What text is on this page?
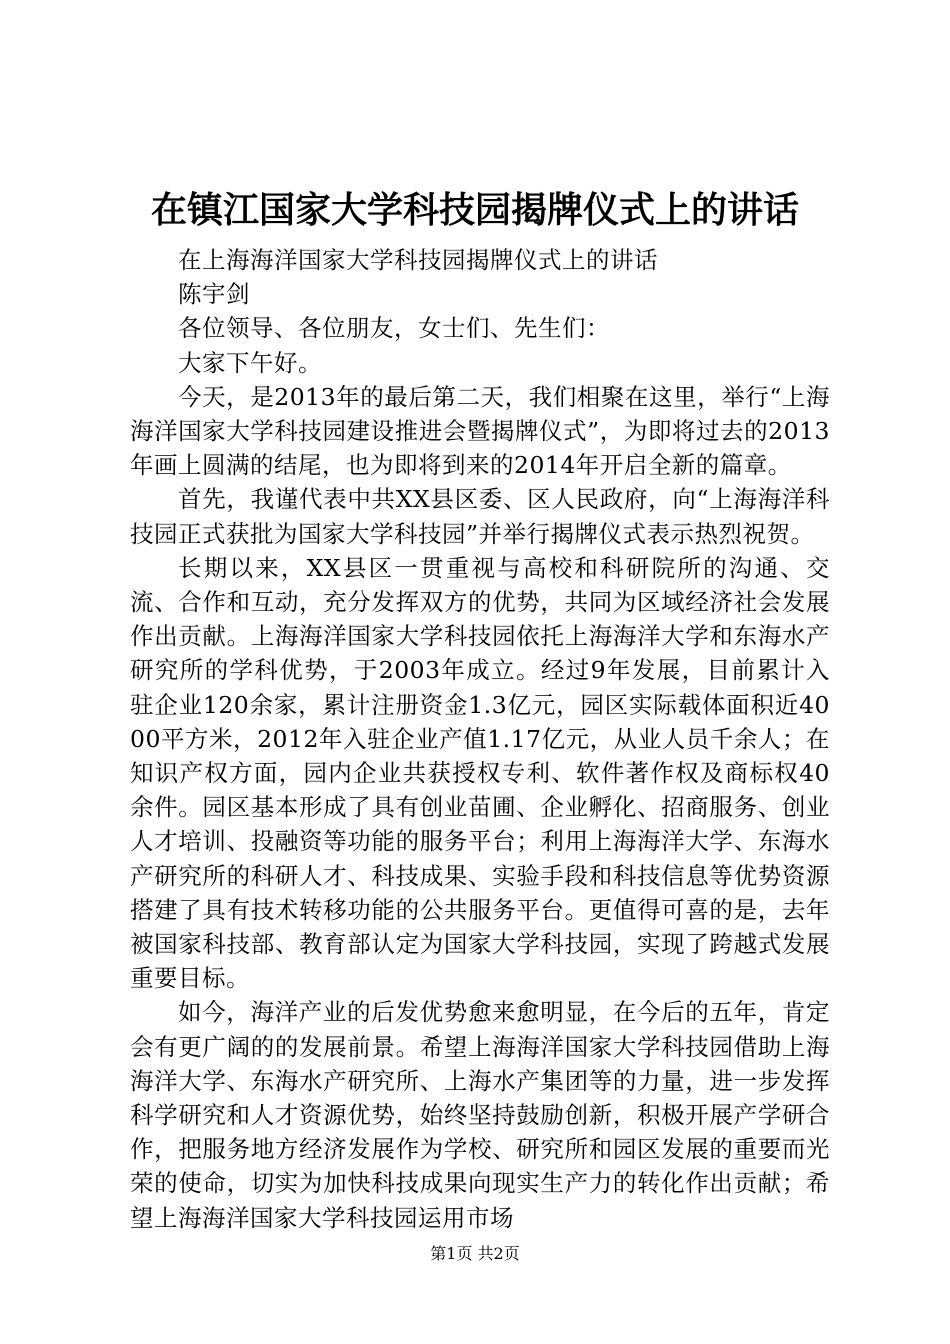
在镇江国家大学科技园揭牌仪式上的讲话

在上海海洋国家大学科技园揭牌仪式上的讲话

陈宇剑

各位领导、各位朋友，女士们、先生们：

大家下午好。

今天，是2013年的最后第二天，我们相聚在这里，举行“上海海洋国家大学科技园建设推进会暨揭牌仪式”，为即将过去的2013年画上圆满的结尾，也为即将到来的2014年开启全新的篇章。

首先，我谨代表中共XX县区委、区人民政府，向“上海海洋科技园正式获批为国家大学科技园”并举行揭牌仪式表示热烈祝贺。

长期以来，XX县区一贯重视与高校和科研院所的沟通、交流、合作和互动，充分发挥双方的优势，共同为区域经济社会发展作出贡献。上海海洋国家大学科技园依托上海海洋大学和东海水产研究所的学科优势，于2003年成立。经过9年发展，目前累计入驻企业120余家，累计注册资金1.3亿元，园区实际载体面积近4000平方米，2012年入驻企业产值1.17亿元，从业人员千余人；在知识产权方面，园内企业共获授权专利、软件著作权及商标权40余件。园区基本形成了具有创业苗圃、企业孵化、招商服务、创业人才培训、投融资等功能的服务平台；利用上海海洋大学、东海水产研究所的科研人才、科技成果、实验手段和科技信息等优势资源搭建了具有技术转移功能的公共服务平台。更值得可喜的是，去年被国家科技部、教育部认定为国家大学科技园，实现了跨越式发展重要目标。

如今，海洋产业的后发优势愈来愈明显，在今后的五年，肯定会有更广阔的的发展前景。希望上海海洋国家大学科技园借助上海海洋大学、东海水产研究所、上海水产集团等的力量，进一步发挥科学研究和人才资源优势，始终坚持鼓励创新，积极开展产学研合作，把服务地方经济发展作为学校、研究所和园区发展的重要而光荣的使命，切实为加快科技成果向现实生产力的转化作出贡献；希望上海海洋国家大学科技园运用市场

第1页 共2页
